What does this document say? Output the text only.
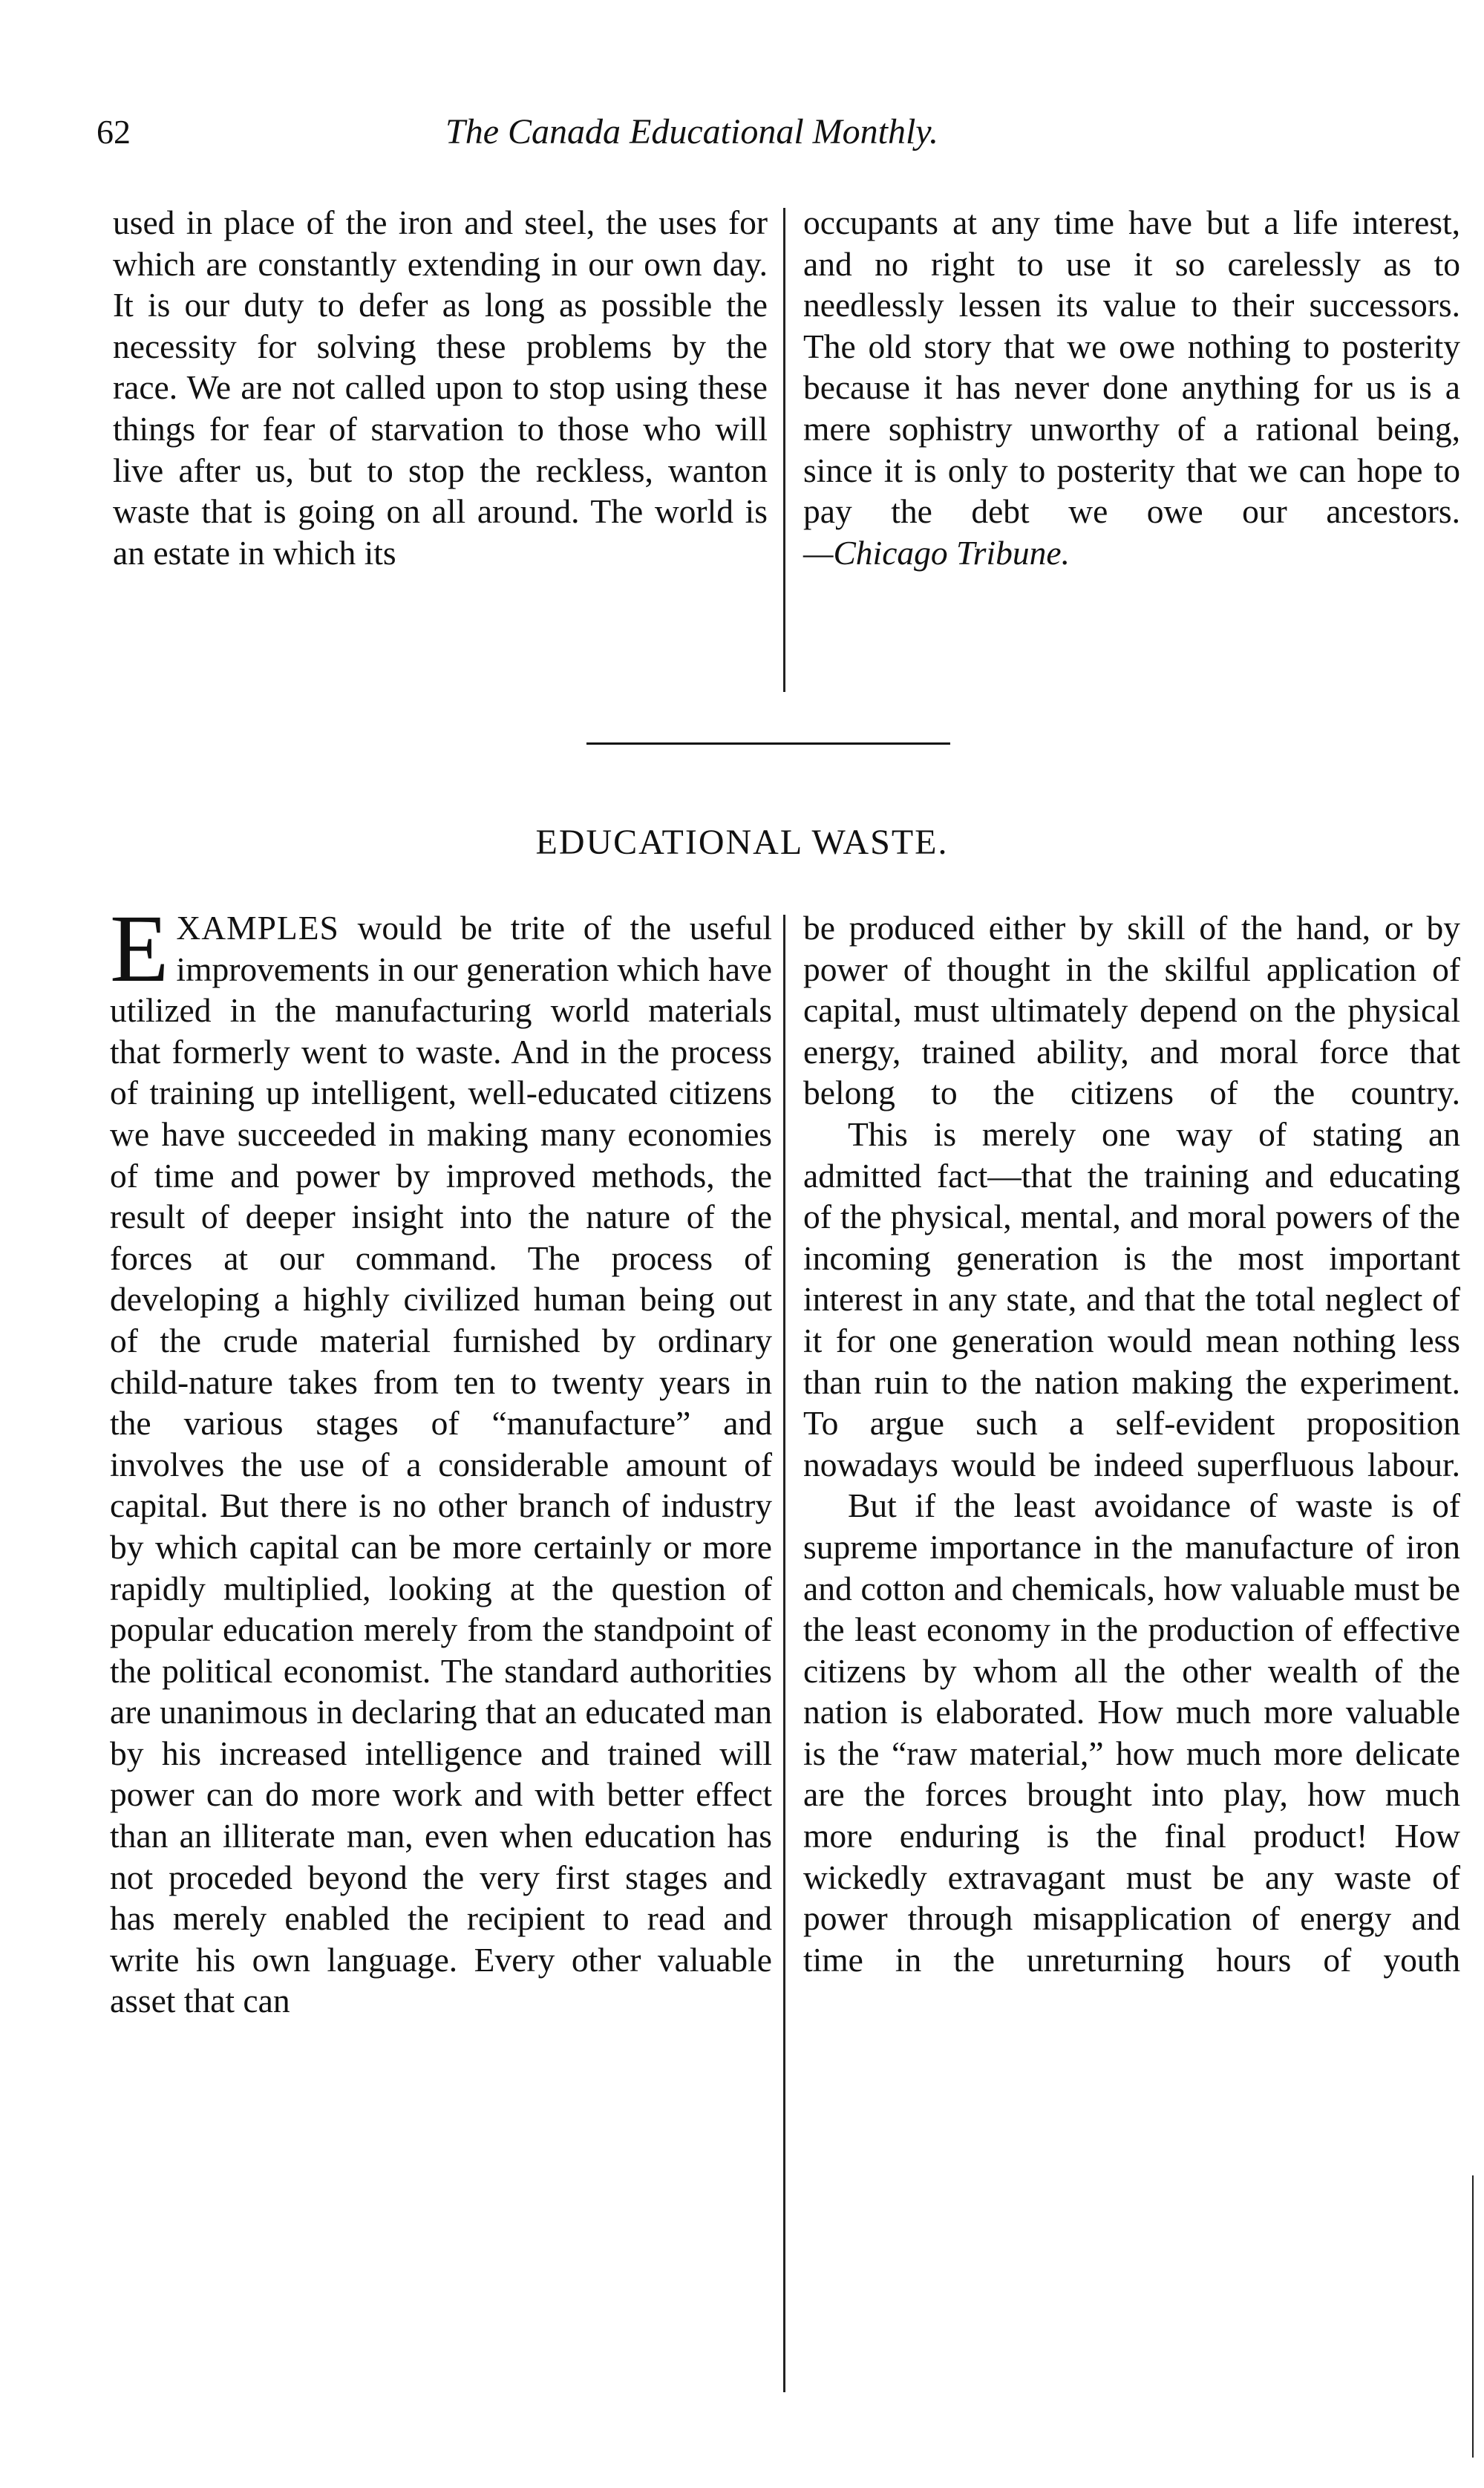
62	The Canada Educational Monthly.

used in place of the iron and steel, the uses for which are constantly extending in our own day. It is our duty to defer as long as possible the necessity for solving these problems by the race. We are not called upon to stop using these things for fear of starvation to those who will live after us, but to stop the reckless, wanton waste that is going on all around. The world is an estate in which its

occupants at any time have but a life interest, and no right to use it so carelessly as to needlessly lessen its value to their successors. The old story that we owe nothing to posterity because it has never done anything for us is a mere sophistry unworthy of a rational being, since it is only to posterity that we can hope to pay the debt we owe our ancestors.

—Chicago Tribune.

EDUCATIONAL WASTE.

EXAMPLES would be trite of the useful improvements in our generation which have utilized in the manufacturing world materials that formerly went to waste. And in the process of training up intelligent, well-educated citizens we have succeeded in making many economies of time and power by improved methods, the result of deeper insight into the nature of the forces at our command. The process of developing a highly civilized human being out of the crude material furnished by ordinary child-nature takes from ten to twenty years in the various stages of “manufacture” and involves the use of a considerable amount of capital. But there is no other branch of industry by which capital can be more certainly or more rapidly multiplied, looking at the question of popular education merely from the standpoint of the political economist. The standard authorities are unanimous in declaring that an educated man by his increased intelligence and trained will power can do more work and with better effect than an illiterate man, even when education has not proceded beyond the very first stages and has merely enabled the recipient to read and write his own language. Every other valuable asset that can

be produced either by skill of the hand, or by power of thought in the skilful application of capital, must ultimately depend on the physical energy, trained ability, and moral force that belong to the citizens of the country.

This is merely one way of stating an admitted fact—that the training and educating of the physical, mental, and moral powers of the incoming generation is the most important interest in any state, and that the total neglect of it for one generation would mean nothing less than ruin to the nation making the experiment. To argue such a self-evident proposition nowadays would be indeed superfluous labour.

But if the least avoidance of waste is of supreme importance in the manufacture of iron and cotton and chemicals, how valuable must be the least economy in the production of effective citizens by whom all the other wealth of the nation is elaborated. How much more valuable is the “raw material,” how much more delicate are the forces brought into play, how much more enduring is the final product! How wickedly extravagant must be any waste of power through misapplication of energy and time in the unreturning hours of youth
